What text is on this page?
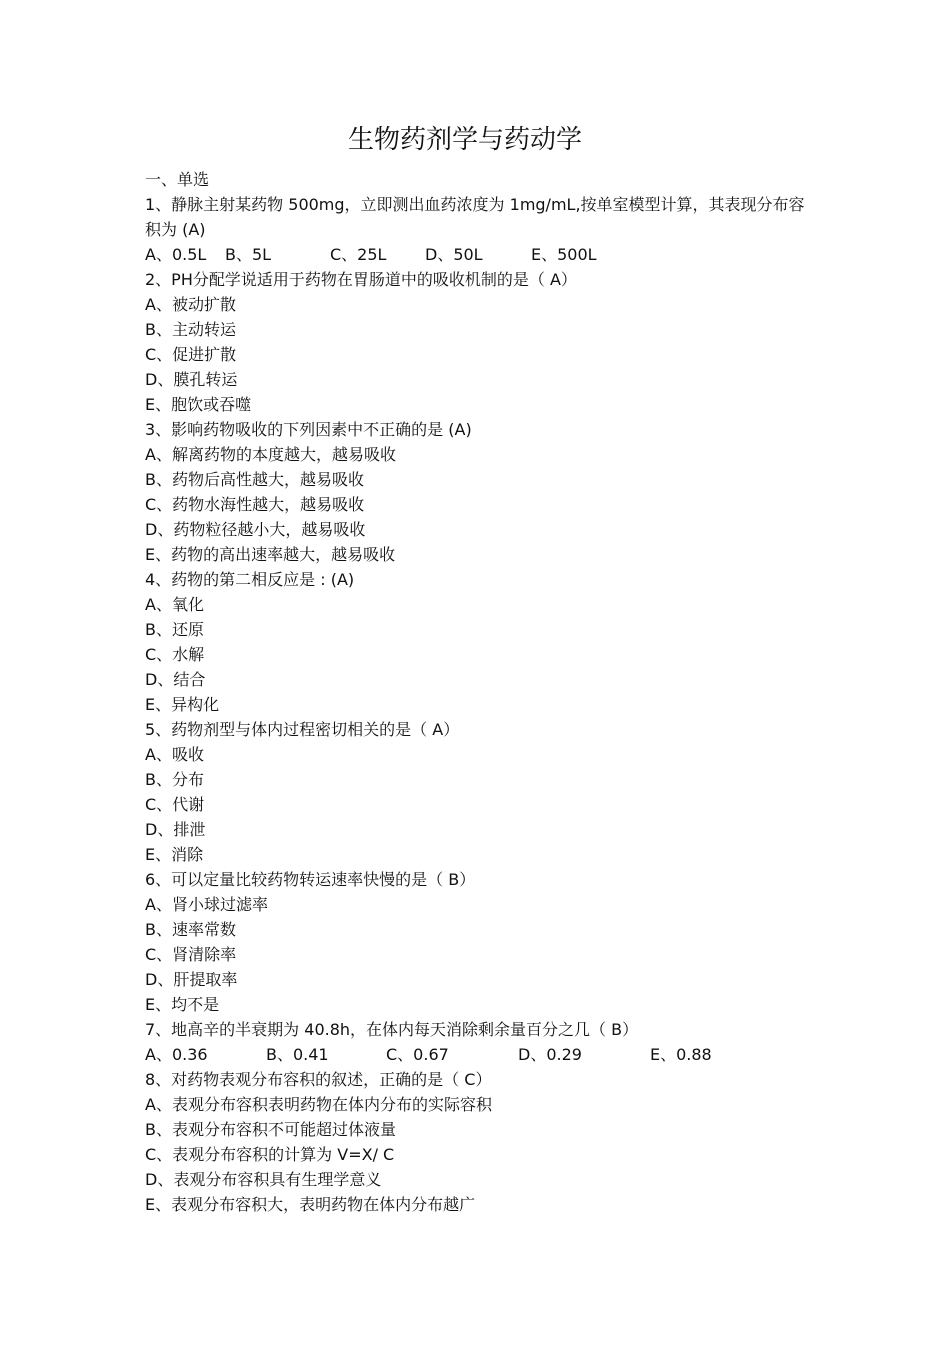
生物药剂学与药动学
一、单选
1、静脉主射某药物 500mg，立即测出血药浓度为 1mg/mL,按单室模型计算，其表现分布容积为 (A)
A、0.5L B、5L	C、25L D、50L	E、500L
2、PH分配学说适用于药物在胃肠道中的吸收机制的是（ A）
A、被动扩散
B、主动转运
C、促进扩散
D、膜孔转运
E、胞饮或吞噬
3、影响药物吸收的下列因素中不正确的是 (A)
A、解离药物的本度越大，越易吸收
B、药物后高性越大，越易吸收
C、药物水海性越大，越易吸收
D、药物粒径越小大，越易吸收
E、药物的高出速率越大，越易吸收
4、药物的第二相反应是 : (A)
A、氧化
B、还原
C、水解
D、结合
E、异构化
5、药物剂型与体内过程密切相关的是（ A）
A、吸收
B、分布
C、代谢
D、排泄
E、消除
6、可以定量比较药物转运速率快慢的是（ B）
A、肾小球过滤率
B、速率常数
C、肾清除率
D、肝提取率
E、均不是
7、地高辛的半衰期为 40.8h，在体内每天消除剩余量百分之几（ B）
A、0.36	B、0.41	C、0.67	D、0.29	E、0.88
8、对药物表观分布容积的叙述，正确的是（ C）
A、表观分布容积表明药物在体内分布的实际容积
B、表观分布容积不可能超过体液量
C、表观分布容积的计算为 V=X/ C
D、表观分布容积具有生理学意义
E、表观分布容积大，表明药物在体内分布越广
